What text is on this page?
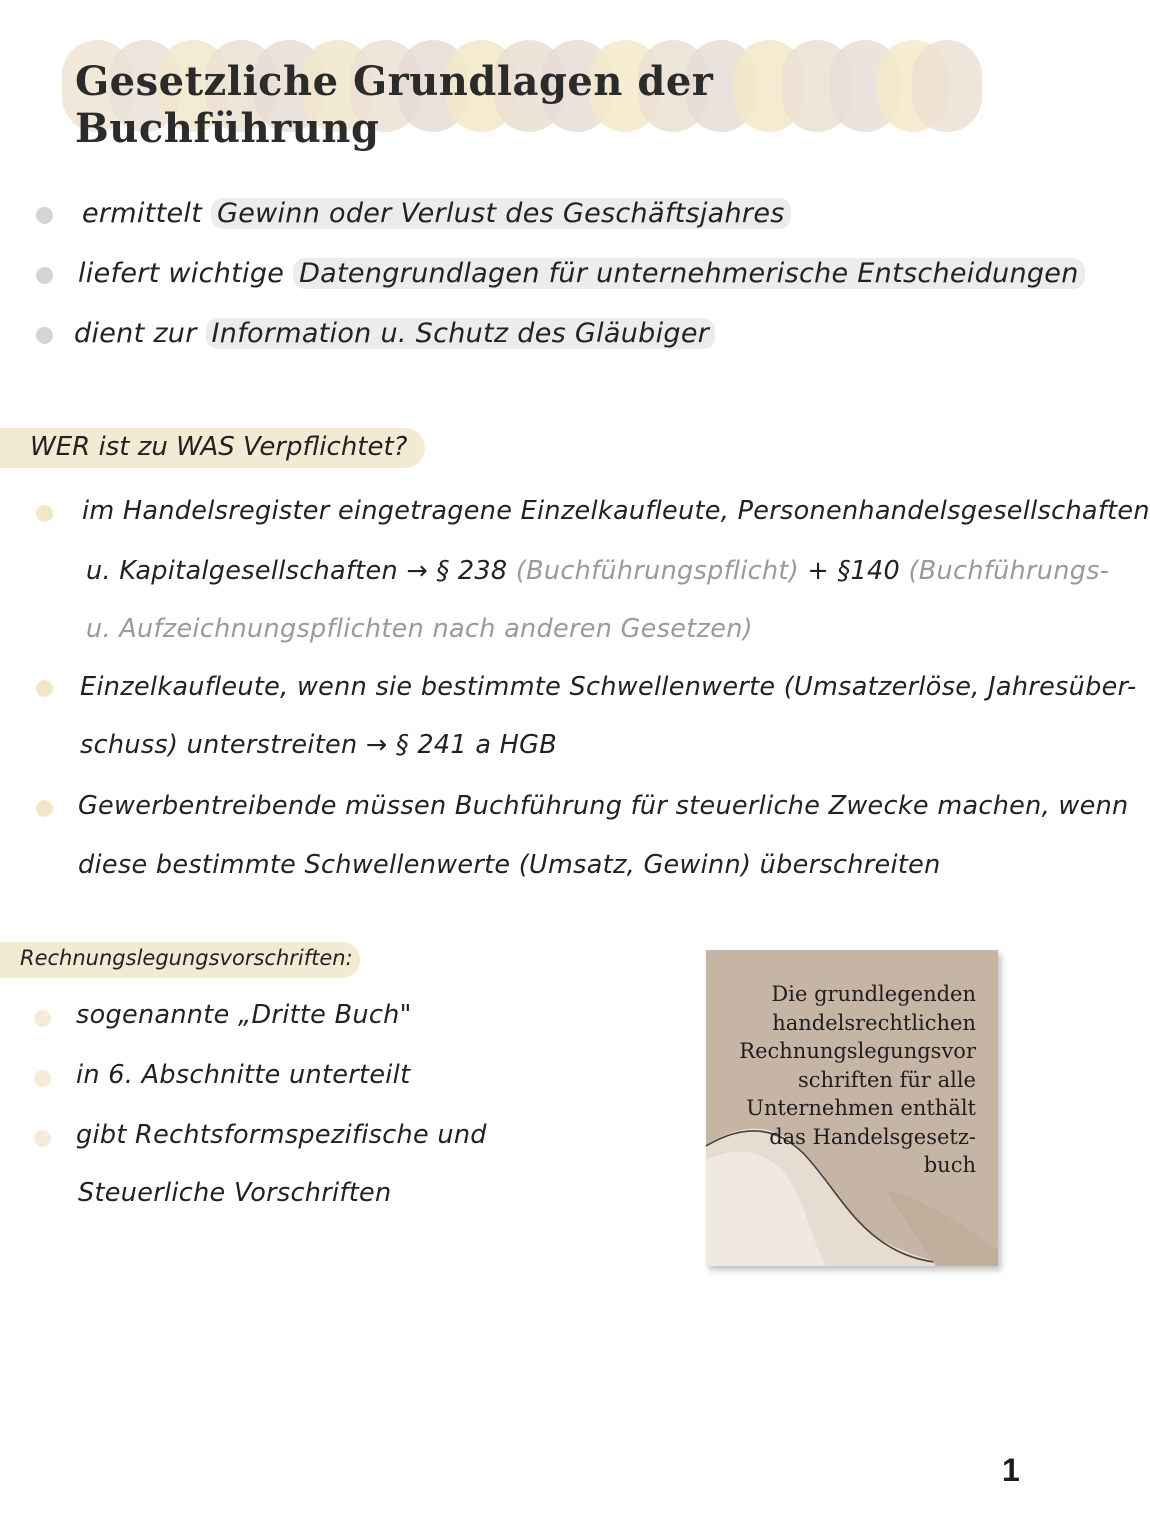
Gesetzliche Grundlagen der Buchführung
ermittelt Gewinn oder Verlust des Geschäftsjahres
liefert wichtige Datengrundlagen für unternehmerische Entscheidungen
dient zur Information u. Schutz des Gläubiger
WER ist zu WAS Verpflichtet?
im Handelsregister eingetragene Einzelkaufleute, Personenhandelsgesellschaften
u. Kapitalgesellschaften → § 238 (Buchführungspflicht) + §140 (Buchführungs-
u. Aufzeichnungspflichten nach anderen Gesetzen)
Einzelkaufleute, wenn sie bestimmte Schwellenwerte (Umsatzerlöse, Jahresüber-
schuss) unterstreiten → § 241 a HGB
Gewerbentreibende müssen Buchführung für steuerliche Zwecke machen, wenn
diese bestimmte Schwellenwerte (Umsatz, Gewinn) überschreiten
Rechnungslegungsvorschriften:
sogenannte „Dritte Buch"
in 6. Abschnitte unterteilt
gibt Rechtsformspezifische und
Steuerliche Vorschriften
Die grundlegenden
handelsrechtlichen
Rechnungslegungsvor
schriften für alle
Unternehmen enthält
das Handelsgesetz-
buch
1
